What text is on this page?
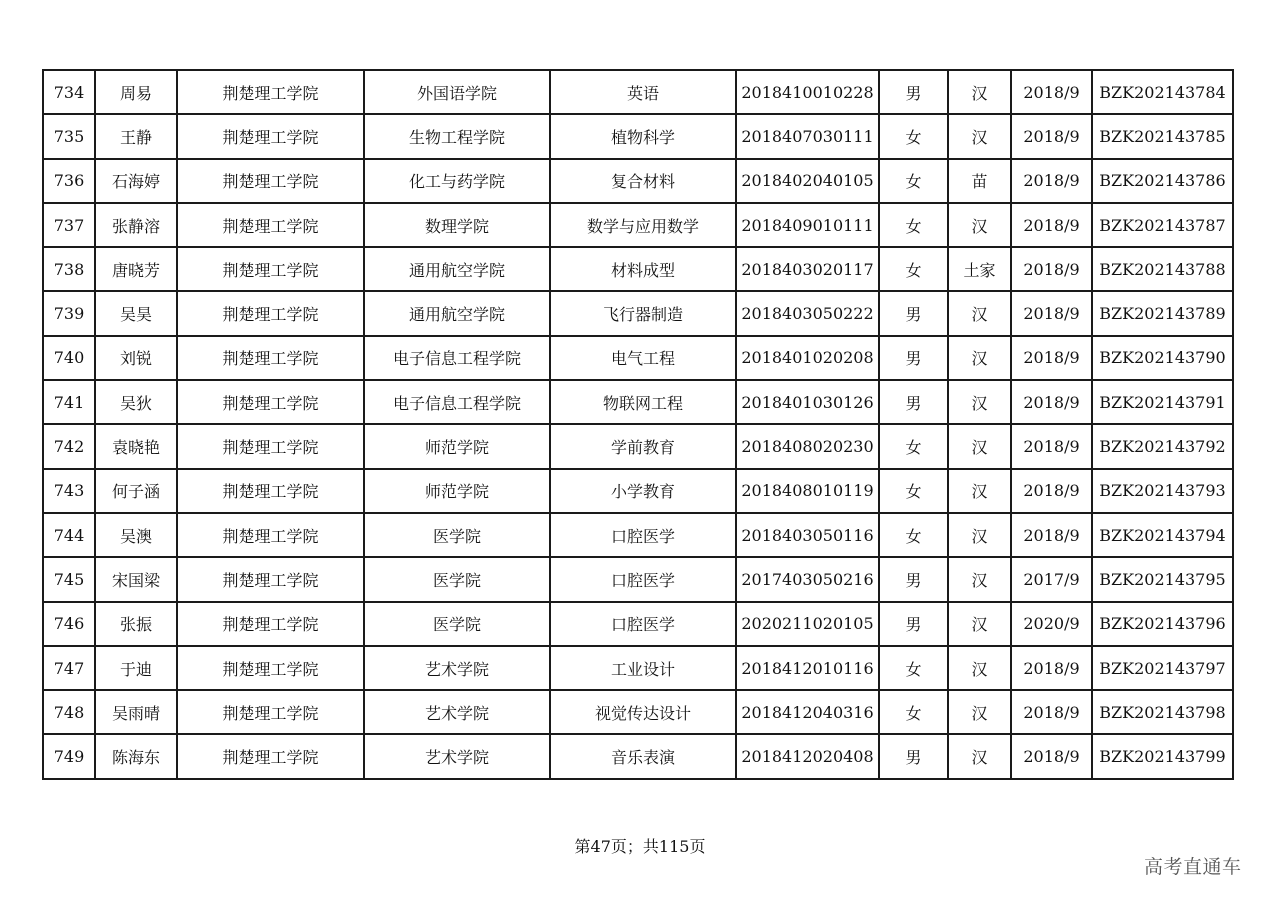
734	周易	荆楚理工学院	外国语学院	英语	2018410010228	男	汉	2018/9	BZK202143784
735	王静	荆楚理工学院	生物工程学院	植物科学	2018407030111	女	汉	2018/9	BZK202143785
736	石海婷	荆楚理工学院	化工与药学院	复合材料	2018402040105	女	苗	2018/9	BZK202143786
737	张静溶	荆楚理工学院	数理学院	数学与应用数学	2018409010111	女	汉	2018/9	BZK202143787
738	唐晓芳	荆楚理工学院	通用航空学院	材料成型	2018403020117	女	土家	2018/9	BZK202143788
739	吴昊	荆楚理工学院	通用航空学院	飞行器制造	2018403050222	男	汉	2018/9	BZK202143789
740	刘锐	荆楚理工学院	电子信息工程学院	电气工程	2018401020208	男	汉	2018/9	BZK202143790
741	吴狄	荆楚理工学院	电子信息工程学院	物联网工程	2018401030126	男	汉	2018/9	BZK202143791
742	袁晓艳	荆楚理工学院	师范学院	学前教育	2018408020230	女	汉	2018/9	BZK202143792
743	何子涵	荆楚理工学院	师范学院	小学教育	2018408010119	女	汉	2018/9	BZK202143793
744	吴澳	荆楚理工学院	医学院	口腔医学	2018403050116	女	汉	2018/9	BZK202143794
745	宋国梁	荆楚理工学院	医学院	口腔医学	2017403050216	男	汉	2017/9	BZK202143795
746	张振	荆楚理工学院	医学院	口腔医学	2020211020105	男	汉	2020/9	BZK202143796
747	于迪	荆楚理工学院	艺术学院	工业设计	2018412010116	女	汉	2018/9	BZK202143797
748	吴雨晴	荆楚理工学院	艺术学院	视觉传达设计	2018412040316	女	汉	2018/9	BZK202143798
749	陈海东	荆楚理工学院	艺术学院	音乐表演	2018412020408	男	汉	2018/9	BZK202143799
第47页；共115页
高考直通车
